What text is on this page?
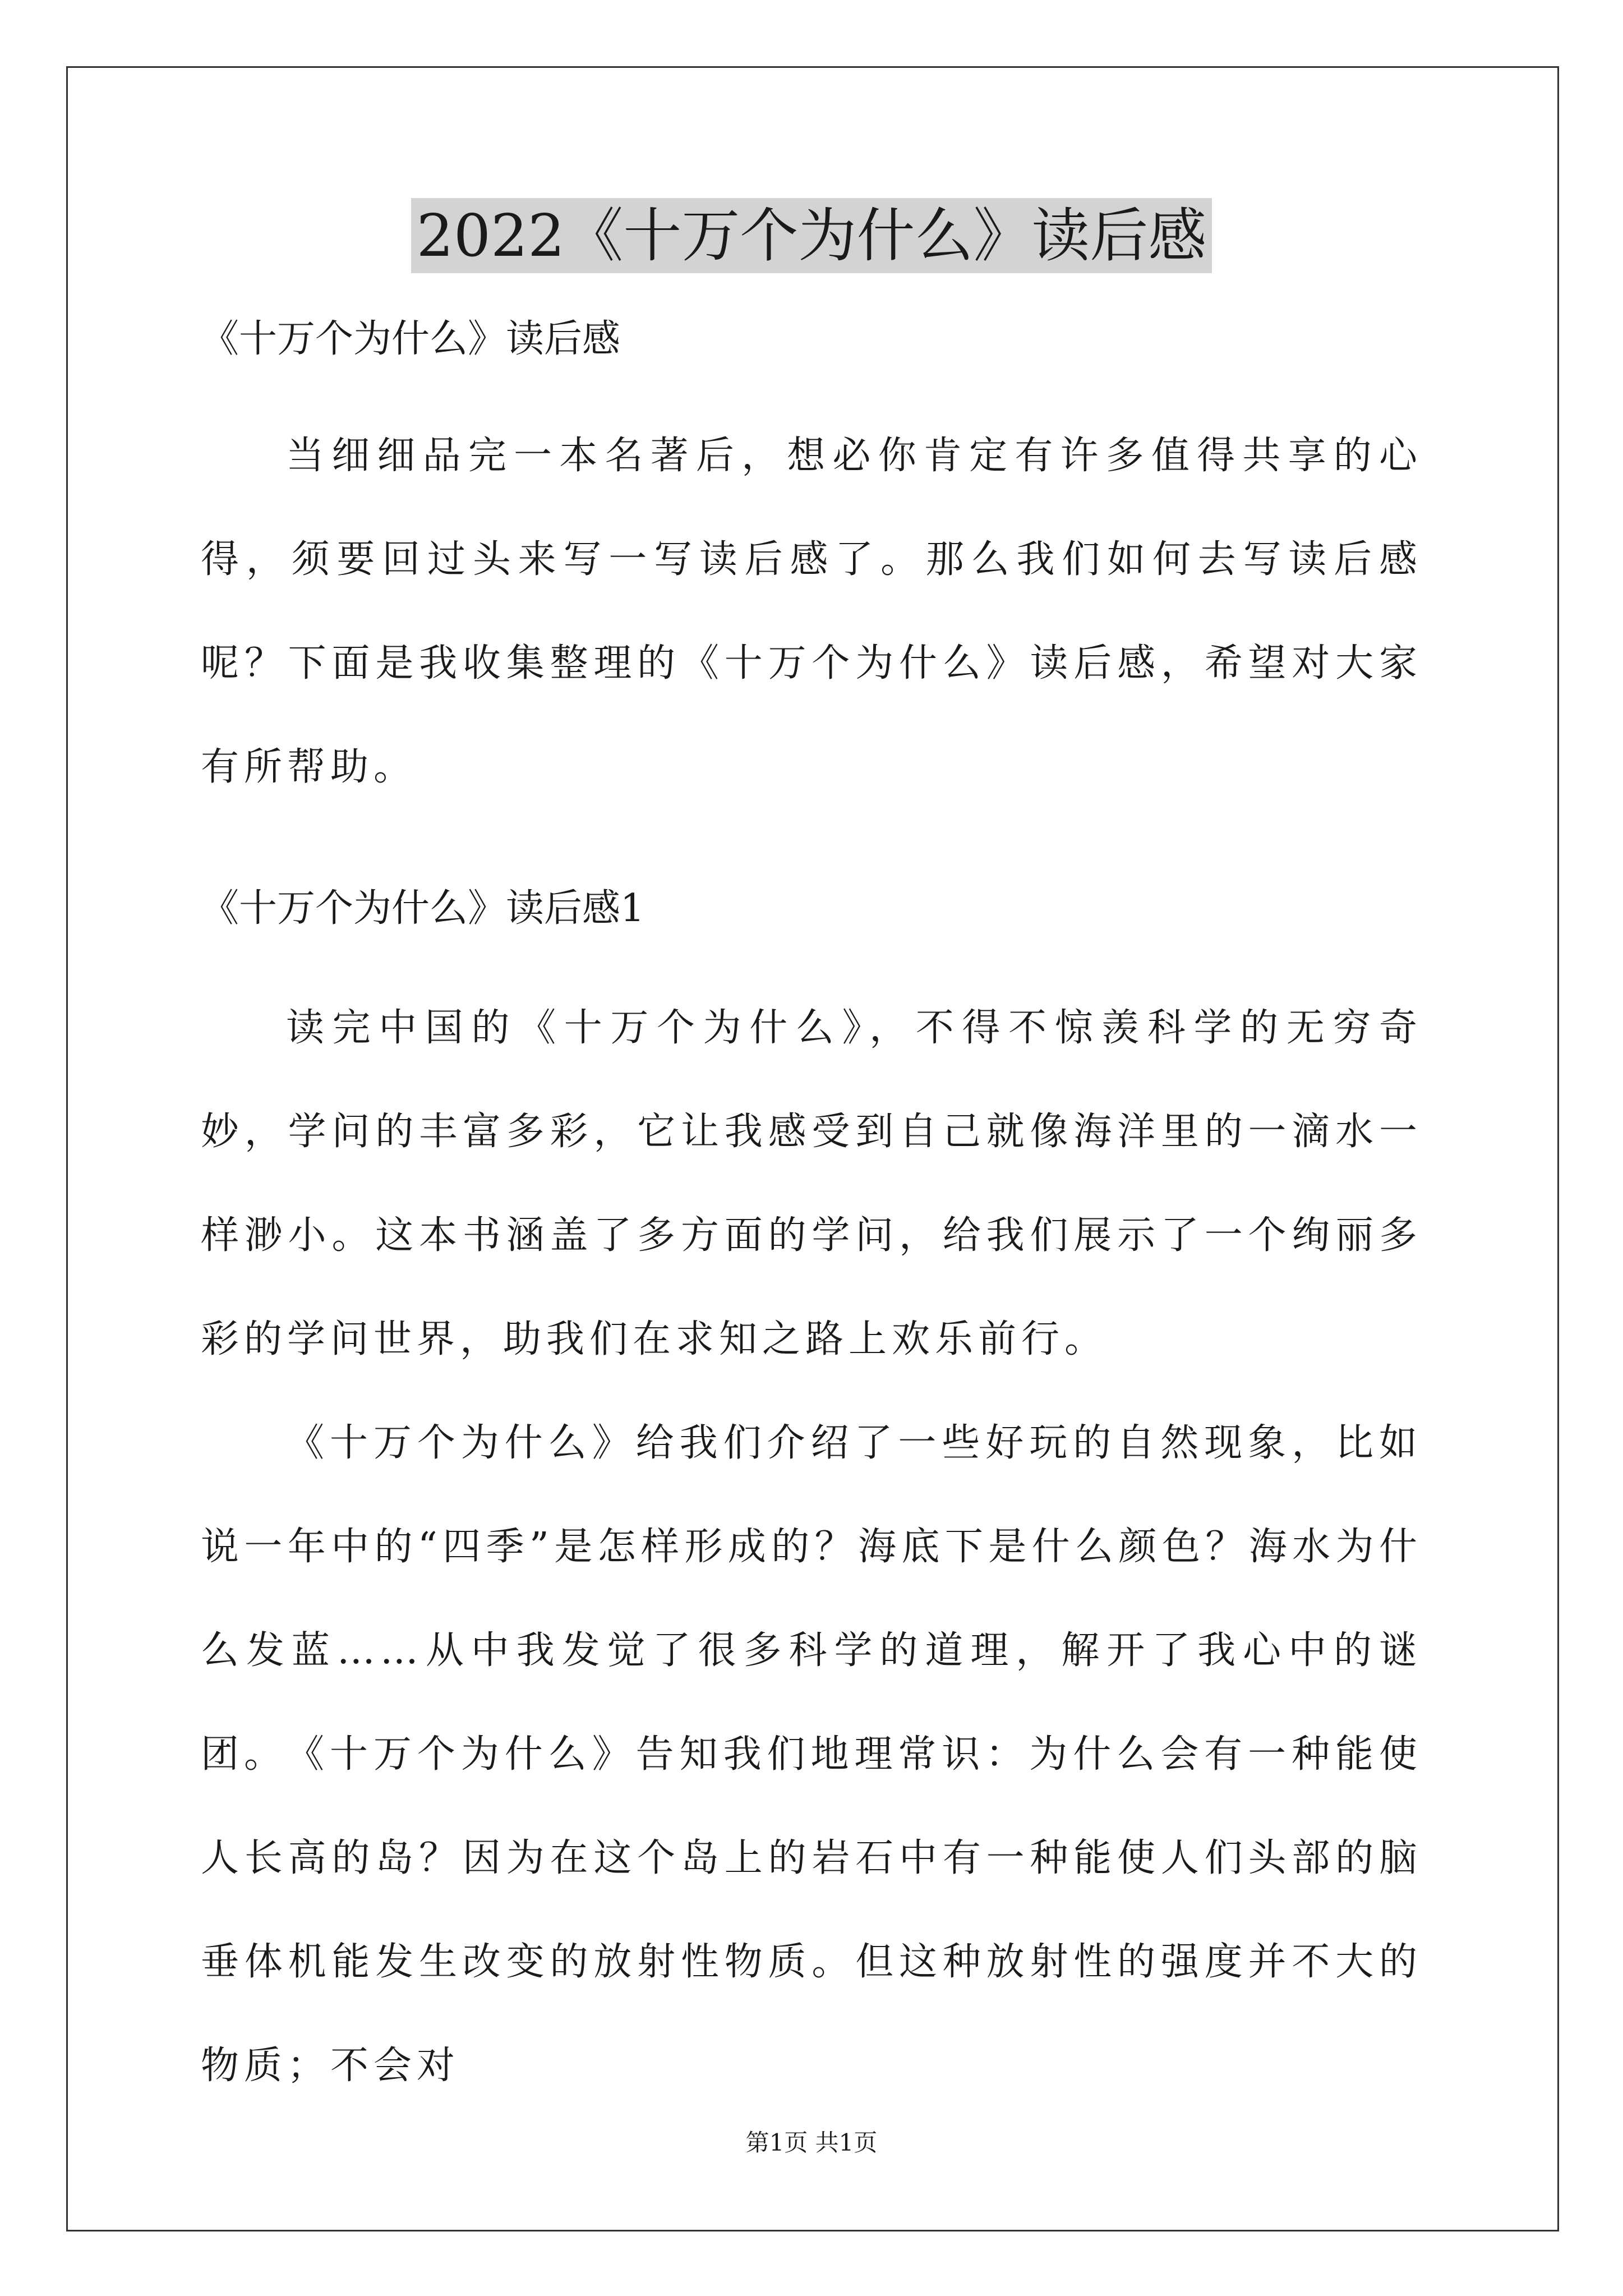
2022《十万个为什么》读后感
《十万个为什么》读后感

当细细品完一本名著后，想必你肯定有许多值得共享的心得，须要回过头来写一写读后感了。那么我们如何去写读后感呢？下面是我收集整理的《十万个为什么》读后感，希望对大家有所帮助。

《十万个为什么》读后感1

读完中国的《十万个为什么》，不得不惊羡科学的无穷奇妙，学问的丰富多彩，它让我感受到自己就像海洋里的一滴水一样渺小。这本书涵盖了多方面的学问，给我们展示了一个绚丽多彩的学问世界，助我们在求知之路上欢乐前行。

《十万个为什么》给我们介绍了一些好玩的自然现象，比如说一年中的“四季”是怎样形成的？海底下是什么颜色？海水为什么发蓝……从中我发觉了很多科学的道理，解开了我心中的谜团。

《十万个为什么》告知我们地理常识：为什么会有一种能使人长高的岛？因为在这个岛上的岩石中有一种能使人们头部的脑垂体机能发生改变的放射性物质。但这种放射性的强度并不大的物质；不会对

第1页 共1页
